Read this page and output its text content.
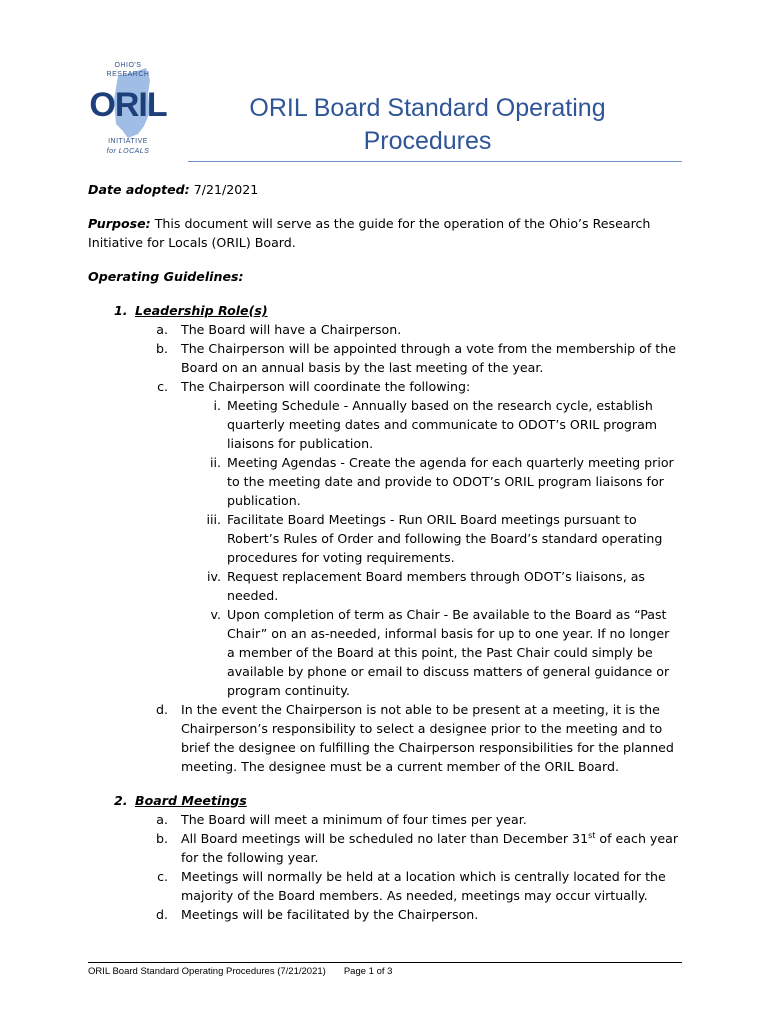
OHIO'S
RESEARCH
ORIL
INITIATIVE
for LOCALS
ORIL Board Standard Operating
Procedures
Date adopted: 7/21/2021
Purpose: This document will serve as the guide for the operation of the Ohio’s Research
Initiative for Locals (ORIL) Board.
Operating Guidelines:
1. Leadership Role(s)
a. The Board will have a Chairperson.
b. The Chairperson will be appointed through a vote from the membership of the
Board on an annual basis by the last meeting of the year.
c. The Chairperson will coordinate the following:
i. Meeting Schedule - Annually based on the research cycle, establish
quarterly meeting dates and communicate to ODOT’s ORIL program
liaisons for publication.
ii. Meeting Agendas - Create the agenda for each quarterly meeting prior
to the meeting date and provide to ODOT’s ORIL program liaisons for
publication.
iii. Facilitate Board Meetings - Run ORIL Board meetings pursuant to
Robert’s Rules of Order and following the Board’s standard operating
procedures for voting requirements.
iv. Request replacement Board members through ODOT’s liaisons, as
needed.
v. Upon completion of term as Chair - Be available to the Board as “Past
Chair” on an as-needed, informal basis for up to one year. If no longer
a member of the Board at this point, the Past Chair could simply be
available by phone or email to discuss matters of general guidance or
program continuity.
d. In the event the Chairperson is not able to be present at a meeting, it is the
Chairperson’s responsibility to select a designee prior to the meeting and to
brief the designee on fulfilling the Chairperson responsibilities for the planned
meeting. The designee must be a current member of the ORIL Board.
2. Board Meetings
a. The Board will meet a minimum of four times per year.
b. All Board meetings will be scheduled no later than December 31st of each year
for the following year.
c. Meetings will normally be held at a location which is centrally located for the
majority of the Board members. As needed, meetings may occur virtually.
d. Meetings will be facilitated by the Chairperson.
ORIL Board Standard Operating Procedures (7/21/2021) Page 1 of 3
